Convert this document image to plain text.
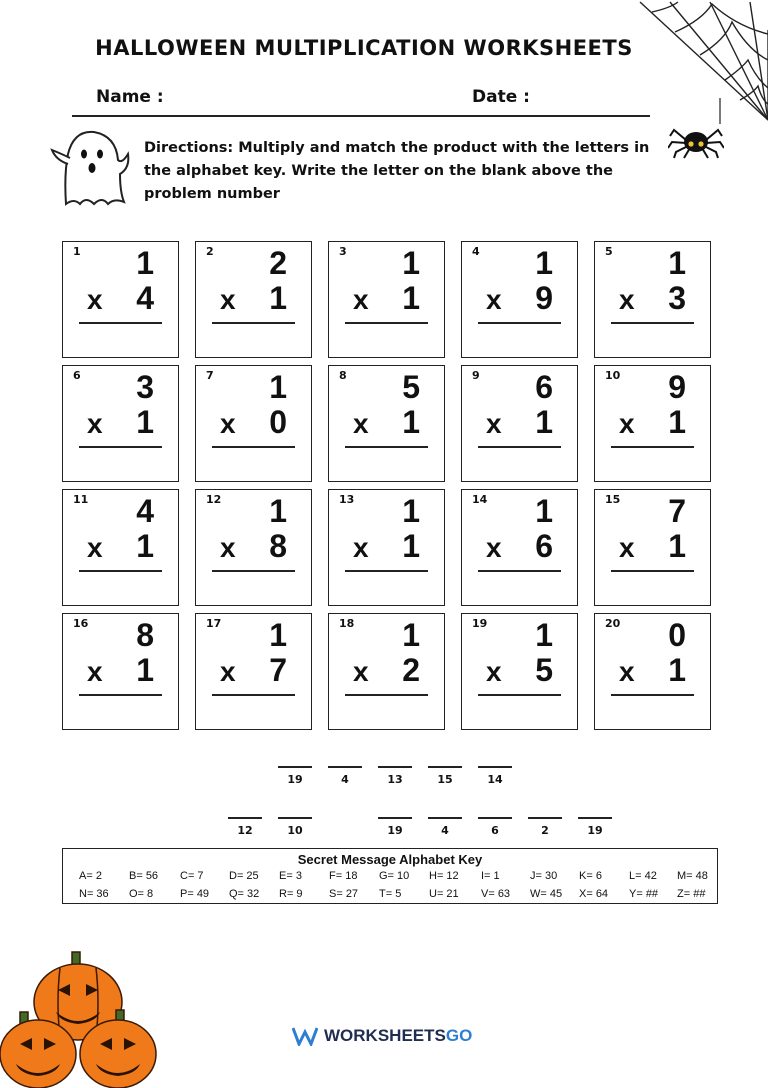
HALLOWEEN MULTIPLICATION WORKSHEETS
Name :	Date :
Directions: Multiply and match the product with the letters in the alphabet key. Write the letter on the blank above the problem number
1 1
x 4
2 2
x 1
3 1
x 1
4 1
x 9
5 1
x 3
6 3
x 1
7 1
x 0
8 5
x 1
9 6
x 1
10 9
x 1
11 4
x 1
12 1
x 8
13 1
x 1
14 1
x 6
15 7
x 1
16 8
x 1
17 1
x 7
18 1
x 2
19 1
x 5
20 0
x 1
19	4	13	15	14
12	10	19	4	6	2	19
Secret Message Alphabet Key
A= 2 B= 56 C= 7 D= 25 E= 3 F= 18 G= 10 H= 12 I= 1	J= 30 K= 6 L= 42 M= 48
N= 36 O= 8 P= 49 Q= 32 R= 9 S= 27 T= 5	U= 21 V= 63 W= 45 X= 64 Y= ## Z= ##
WORKSHEETS GO
